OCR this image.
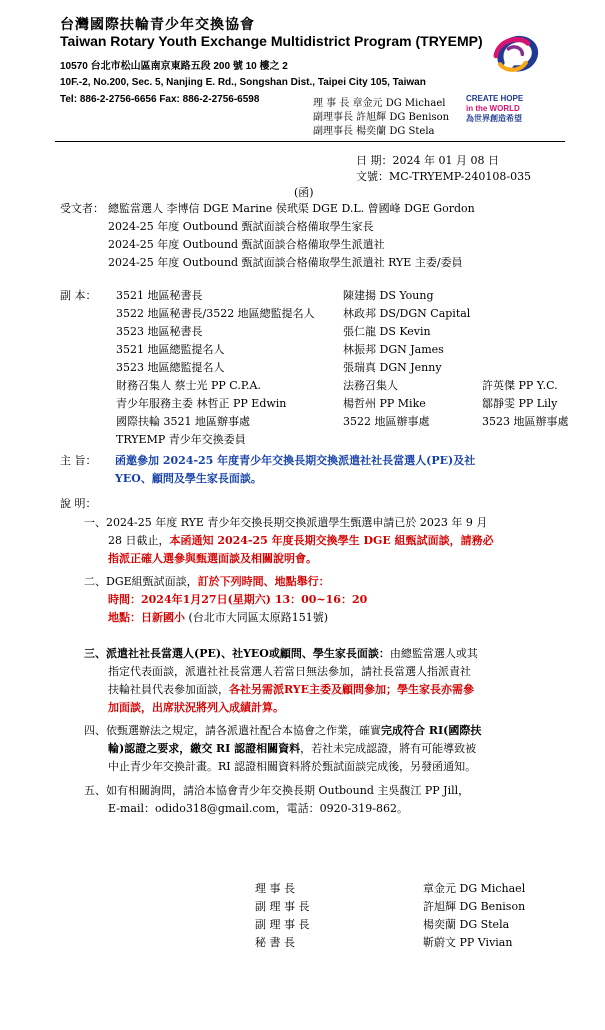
台灣國際扶輪青少年交換協會
Taiwan Rotary Youth Exchange Multidistrict Program (TRYEMP)
10570 台北市松山區南京東路五段 200 號 10 樓之 2
10F.-2, No.200, Sec. 5, Nanjing E. Rd., Songshan Dist., Taipei City 105, Taiwan
Tel: 886-2-2756-6656 Fax: 886-2-2756-6598	理 事 長 章金元 DG Michael
副理事長 許旭輝 DG Benison
副理事長 楊奕蘭 DG Stela
CREATE HOPE
in the WORLD
為世界創造希望
日 期：2024 年 01 月 08 日
文號：MC-TRYEMP-240108-035
(函)
受文者： 總監當選人 李博信 DGE Marine 侯玳渠 DGE D.L. 曾國峰 DGE Gordon
2024-25 年度 Outbound 甄試面談合格備取學生家長
2024-25 年度 Outbound 甄試面談合格備取學生派遣社
2024-25 年度 Outbound 甄試面談合格備取學生派遣社 RYE 主委/委員
副 本： 3521 地區秘書長	陳建揚 DS Young
3522 地區秘書長/3522 地區總監提名人	林政邦 DS/DGN Capital
3523 地區秘書長	張仁龍 DS Kevin
3521 地區總監提名人	林振邦 DGN James
3523 地區總監提名人	張瑞真 DGN Jenny
財務召集人 蔡士光 PP C.P.A.	法務召集人	許英傑 PP Y.C.
青少年服務主委 林哲正 PP Edwin	楊哲州 PP Mike	鄒靜雯 PP Lily
國際扶輪 3521 地區辦事處	3522 地區辦事處	3523 地區辦事處
TRYEMP 青少年交換委員
主 旨： 函邀參加 2024-25 年度青少年交換長期交換派遣社社長當選人(PE)及社
YEO、顧問及學生家長面談。
說 明：
一、2024-25 年度 RYE 青少年交換長期交換派遣學生甄選申請已於 2023 年 9 月
28 日截止，本函通知 2024-25 年度長期交換學生 DGE 組甄試面談，請務必
指派正確人選參與甄選面談及相關說明會。
二、DGE組甄試面談，訂於下列時間、地點舉行：
時間：2024年1月27日(星期六) 13：00~16：20
地點：日新國小 (台北市大同區太原路151號)
三、派遣社社長當選人(PE)、社YEO或顧問、學生家長面談：由總監當選人或其
指定代表面談，派遣社社長當選人若當日無法參加，請社長當選人指派責社
扶輪社員代表參加面談，各社另需派RYE主委及顧問參加；學生家長亦需參
加面談，出席狀況將列入成績計算。
四、依甄選辦法之規定，請各派遣社配合本協會之作業，確實完成符合 RI(國際扶
輪)認證之要求，繳交 RI 認證相關資料，若社未完成認證，將有可能導致被
中止青少年交換計畫。RI 認證相關資料將於甄試面談完成後，另發函通知。
五、如有相關詢問，請洽本協會青少年交換長期 Outbound 主吳馥江 PP Jill，
E-mail：odido318@gmail.com，電話：0920-319-862。
理 事 長	章金元 DG Michael
副 理 事 長	許旭輝 DG Benison
副 理 事 長	楊奕蘭 DG Stela
秘 書 長	靳蔚文 PP Vivian
